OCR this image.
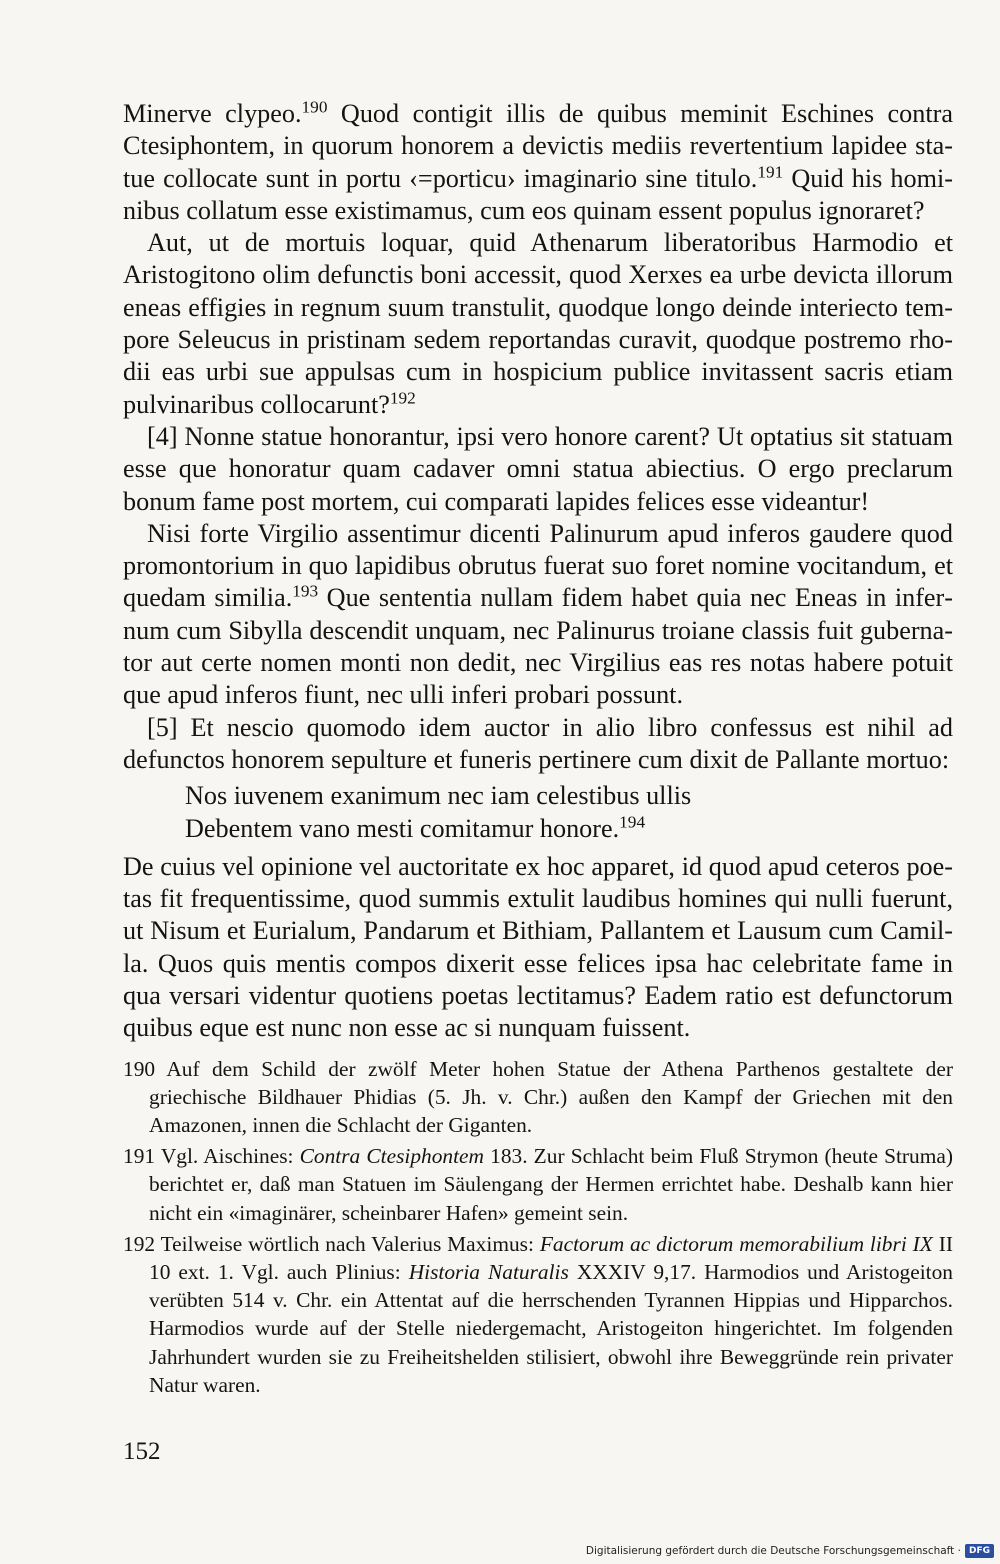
Minerve clypeo.$^{190}$ Quod contigit illis de quibus meminit Eschines contra Ctesiphontem, in quorum honorem a devictis mediis revertentium lapidee statue collocate sunt in portu ‹=porticu› imaginario sine titulo.$^{191}$ Quid his hominibus collatum esse existimamus, cum eos quinam essent populus ignoraret?

Aut, ut de mortuis loquar, quid Athenarum liberatoribus Harmodio et Aristogitono olim defunctis boni accessit, quod Xerxes ea urbe devicta illorum eneas effigies in regnum suum transtulit, quodque longo deinde interiecto tempore Seleucus in pristinam sedem reportandas curavit, quodque postremo rhodii eas urbi sue appulsas cum in hospicium publice invitassent sacris etiam pulvinaribus collocarunt?$^{192}$

[4] Nonne statue honorantur, ipsi vero honore carent? Ut optatius sit statuam esse que honoratur quam cadaver omni statua abiectius. O ergo preclarum bonum fame post mortem, cui comparati lapides felices esse videantur!

Nisi forte Virgilio assentimur dicenti Palinurum apud inferos gaudere quod promontorium in quo lapidibus obrutus fuerat suo foret nomine vocitandum, et quedam similia.$^{193}$ Que sententia nullam fidem habet quia nec Eneas in infernum cum Sibylla descendit unquam, nec Palinurus troiane classis fuit gubernator aut certe nomen monti non dedit, nec Virgilius eas res notas habere potuit que apud inferos fiunt, nec ulli inferi probari possunt.

[5] Et nescio quomodo idem auctor in alio libro confessus est nihil ad defunctos honorem sepulture et funeris pertinere cum dixit de Pallante mortuo:

Nos iuvenem exanimum nec iam celestibus ullis
Debentem vano mesti comitamur honore.$^{194}$

De cuius vel opinione vel auctoritate ex hoc apparet, id quod apud ceteros poetas fit frequentissime, quod summis extulit laudibus homines qui nulli fuerunt, ut Nisum et Eurialum, Pandarum et Bithiam, Pallantem et Lausum cum Camilla. Quos quis mentis compos dixerit esse felices ipsa hac celebritate fame in qua versari videntur quotiens poetas lectitamus? Eadem ratio est defunctorum quibus eque est nunc non esse ac si nunquam fuissent.

190 Auf dem Schild der zwölf Meter hohen Statue der Athena Parthenos gestaltete der griechische Bildhauer Phidias (5. Jh. v. Chr.) außen den Kampf der Griechen mit den Amazonen, innen die Schlacht der Giganten.

191 Vgl. Aischines: Contra Ctesiphontem 183. Zur Schlacht beim Fluß Strymon (heute Struma) berichtet er, daß man Statuen im Säulengang der Hermen errichtet habe. Deshalb kann hier nicht ein «imaginärer, scheinbarer Hafen» gemeint sein.

192 Teilweise wörtlich nach Valerius Maximus: Factorum ac dictorum memorabilium libri IX II 10 ext. 1. Vgl. auch Plinius: Historia Naturalis XXXIV 9,17. Harmodios und Aristogeiton verübten 514 v. Chr. ein Attentat auf die herrschenden Tyrannen Hippias und Hipparchos. Harmodios wurde auf der Stelle niedergemacht, Aristogeiton hingerichtet. Im folgenden Jahrhundert wurden sie zu Freiheitshelden stilisiert, obwohl ihre Beweggründe rein privater Natur waren.

152
Digitalisierung gefördert durch die Deutsche Forschungsgemeinschaft · DFG
